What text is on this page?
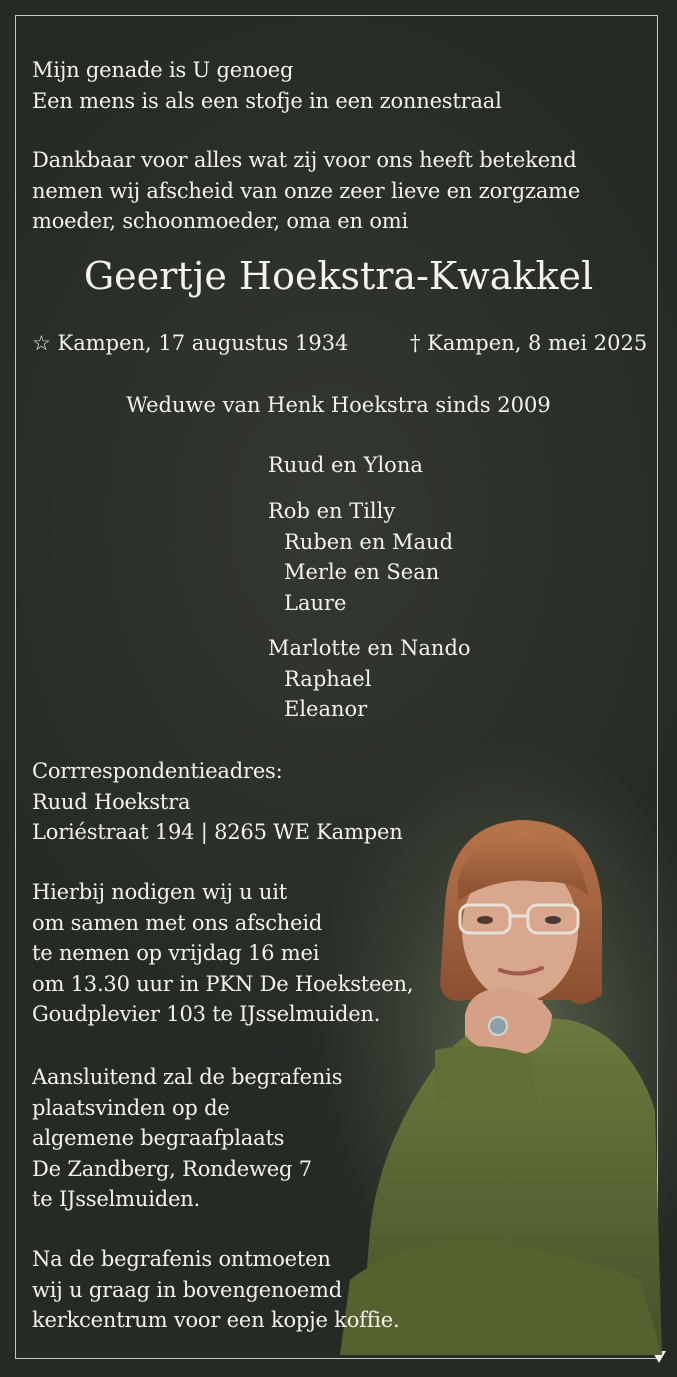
Mijn genade is U genoeg
Een mens is als een stofje in een zonnestraal
Dankbaar voor alles wat zij voor ons heeft betekend
nemen wij afscheid van onze zeer lieve en zorgzame
moeder, schoonmoeder, oma en omi
Geertje Hoekstra-Kwakkel
☆ Kampen, 17 augustus 1934	† Kampen, 8 mei 2025
Weduwe van Henk Hoekstra sinds 2009
Ruud en Ylona
Rob en Tilly
Ruben en Maud
Merle en Sean
Laure
Marlotte en Nando
Raphael
Eleanor
Corrrespondentieadres:
Ruud Hoekstra
Loriéstraat 194 | 8265 WE Kampen
Hierbij nodigen wij u uit
om samen met ons afscheid
te nemen op vrijdag 16 mei
om 13.30 uur in PKN De Hoeksteen,
Goudplevier 103 te IJsselmuiden.
Aansluitend zal de begrafenis
plaatsvinden op de
algemene begraafplaats
De Zandberg, Rondeweg 7
te IJsselmuiden.
Na de begrafenis ontmoeten
wij u graag in bovengenoemd
kerkcentrum voor een kopje koffie.
